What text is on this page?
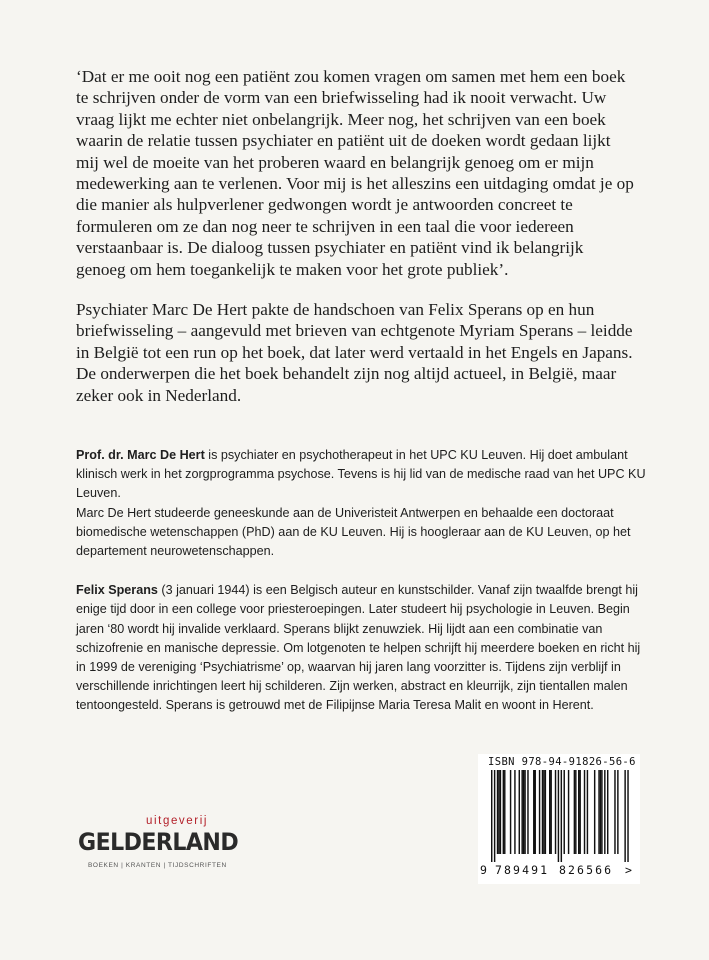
‘Dat er me ooit nog een patiënt zou komen vragen om samen met hem een boek te schrijven onder de vorm van een briefwisseling had ik nooit verwacht. Uw vraag lijkt me echter niet onbelangrijk. Meer nog, het schrijven van een boek waarin de relatie tussen psychiater en patiënt uit de doeken wordt gedaan lijkt mij wel de moeite van het proberen waard en belangrijk genoeg om er mijn medewerking aan te verlenen. Voor mij is het alleszins een uitdaging omdat je op die manier als hulpverlener gedwongen wordt je antwoorden concreet te formuleren om ze dan nog neer te schrijven in een taal die voor iedereen verstaanbaar is. De dialoog tussen psychiater en patiënt vind ik belangrijk genoeg om hem toegankelijk te maken voor het grote publiek’.

Psychiater Marc De Hert pakte de handschoen van Felix Sperans op en hun briefwisseling – aangevuld met brieven van echtgenote Myriam Sperans – leidde in België tot een run op het boek, dat later werd vertaald in het Engels en Japans. De onderwerpen die het boek behandelt zijn nog altijd actueel, in België, maar zeker ook in Nederland.

Prof. dr. Marc De Hert is psychiater en psychotherapeut in het UPC KU Leuven. Hij doet ambulant klinisch werk in het zorgprogramma psychose. Tevens is hij lid van de medische raad van het UPC KU Leuven.
Marc De Hert studeerde geneeskunde aan de Univeristeit Antwerpen en behaalde een doctoraat biomedische wetenschappen (PhD) aan de KU Leuven. Hij is hoogleraar aan de KU Leuven, op het departement neurowetenschappen.

Felix Sperans (3 januari 1944) is een Belgisch auteur en kunstschilder. Vanaf zijn twaalfde brengt hij enige tijd door in een college voor priesteroepingen. Later studeert hij psychologie in Leuven. Begin jaren ‘80 wordt hij invalide verklaard. Sperans blijkt zenuwziek. Hij lijdt aan een combinatie van schizofrenie en manische depressie. Om lotgenoten te helpen schrijft hij meerdere boeken en richt hij in 1999 de vereniging ‘Psychiatrisme’ op, waarvan hij jaren lang voorzitter is. Tijdens zijn verblijf in verschillende inrichtingen leert hij schilderen. Zijn werken, abstract en kleurrijk, zijn tientallen malen tentoongesteld. Sperans is getrouwd met de Filipijnse Maria Teresa Malit en woont in Herent.

uitgeverij
GELDERLAND
BOEKEN | KRANTEN | TIJDSCHRIFTEN
ISBN 978-94-91826-56-6
9 789491 826566 >
